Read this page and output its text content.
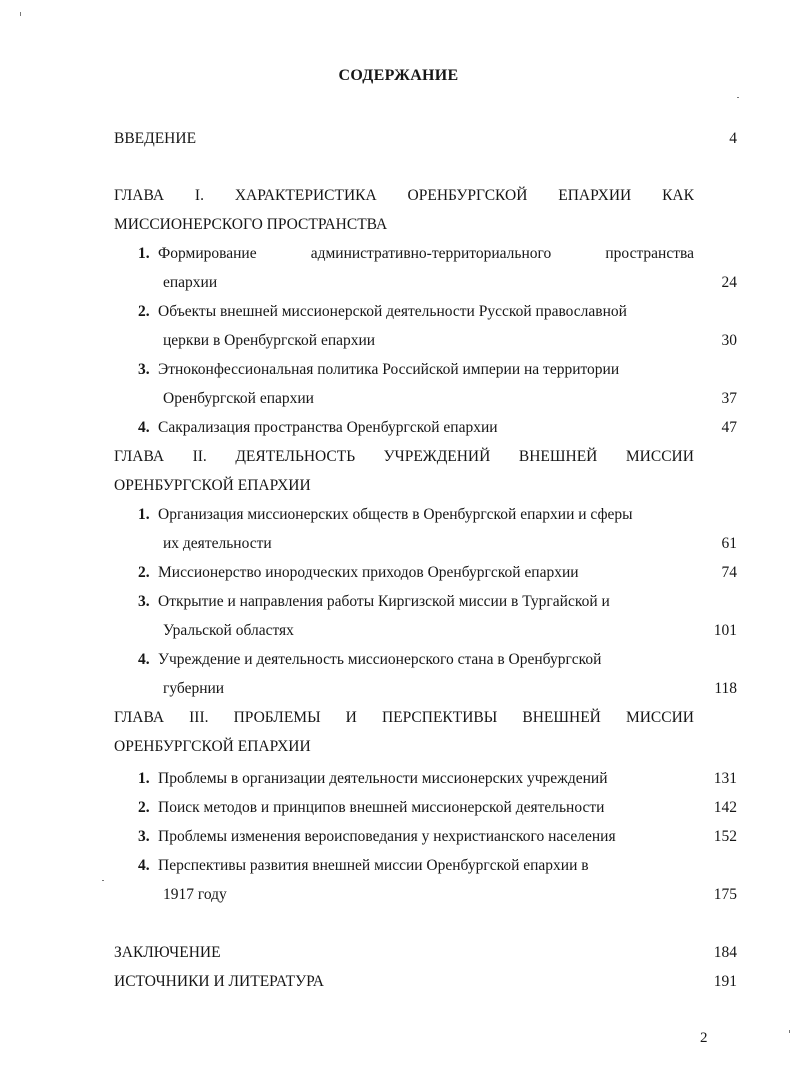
СОДЕРЖАНИЕ
ВВЕДЕНИЕ . . .	4
ГЛАВА I. ХАРАКТЕРИСТИКА ОРЕНБУРГСКОЙ ЕПАРХИИ КАК
МИССИОНЕРСКОГО ПРОСТРАНСТВА
1. Формирование	административно-территориального	пространства
епархии . . .	24
2. Объекты внешней миссионерской деятельности Русской православной
церкви в Оренбургской епархии . . .	30
3. Этноконфессиональная политика Российской империи на территории
Оренбургской епархии . . .	37
4. Сакрализация пространства Оренбургской епархии . . .	47
ГЛАВА II. ДЕЯТЕЛЬНОСТЬ УЧРЕЖДЕНИЙ ВНЕШНЕЙ МИССИИ
ОРЕНБУРГСКОЙ ЕПАРХИИ
1. Организация миссионерских обществ в Оренбургской епархии и сферы
их деятельности . . .	61
2. Миссионерство инородческих приходов Оренбургской епархии . . .	74
3. Открытие и направления работы Киргизской миссии в Тургайской и
Уральской областях . . .	101
4. Учреждение и деятельность миссионерского стана в Оренбургской
губернии . . .	118
ГЛАВА III. ПРОБЛЕМЫ И ПЕРСПЕКТИВЫ ВНЕШНЕЙ МИССИИ
ОРЕНБУРГСКОЙ ЕПАРХИИ
1. Проблемы в организации деятельности миссионерских учреждений . . .	131
2. Поиск методов и принципов внешней миссионерской деятельности . . .	142
3. Проблемы изменения вероисповедания у нехристианского населения . . .	152
4. Перспективы развития внешней миссии Оренбургской епархии в
1917 году . . .	175
ЗАКЛЮЧЕНИЕ . . .	184
ИСТОЧНИКИ И ЛИТЕРАТУРА . . .	191
2
